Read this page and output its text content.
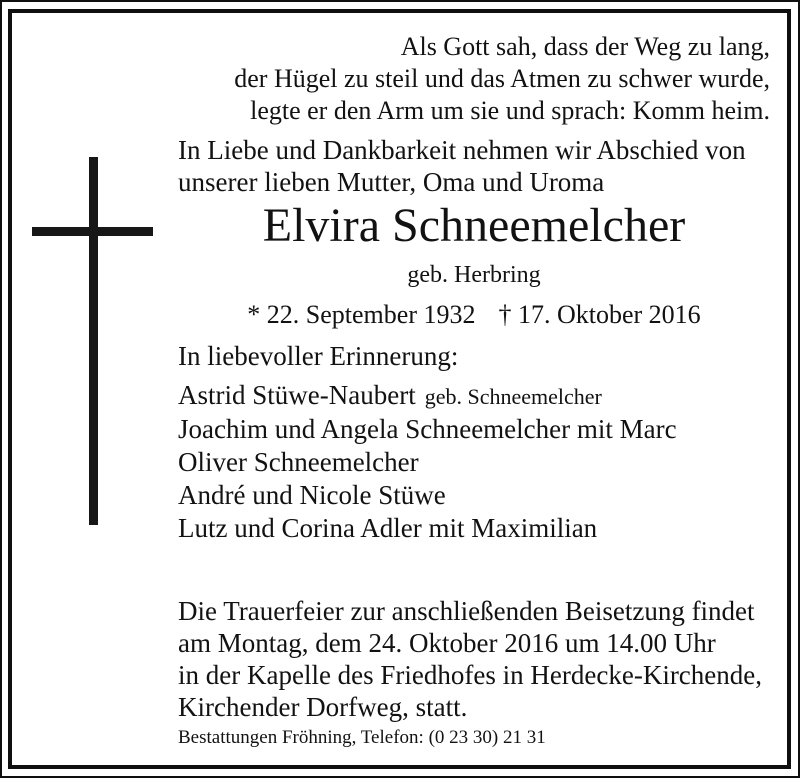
Als Gott sah, dass der Weg zu lang,
der Hügel zu steil und das Atmen zu schwer wurde,
legte er den Arm um sie und sprach: Komm heim.
In Liebe und Dankbarkeit nehmen wir Abschied von
unserer lieben Mutter, Oma und Uroma
Elvira Schneemelcher
geb. Herbring
* 22. September 1932 † 17. Oktober 2016
In liebevoller Erinnerung:
Astrid Stüwe-Naubert geb. Schneemelcher
Joachim und Angela Schneemelcher mit Marc
Oliver Schneemelcher
André und Nicole Stüwe
Lutz und Corina Adler mit Maximilian
Die Trauerfeier zur anschließenden Beisetzung findet
am Montag, dem 24. Oktober 2016 um 14.00 Uhr
in der Kapelle des Friedhofes in Herdecke-Kirchende,
Kirchender Dorfweg, statt.
Bestattungen Fröhning, Telefon: (0 23 30) 21 31
